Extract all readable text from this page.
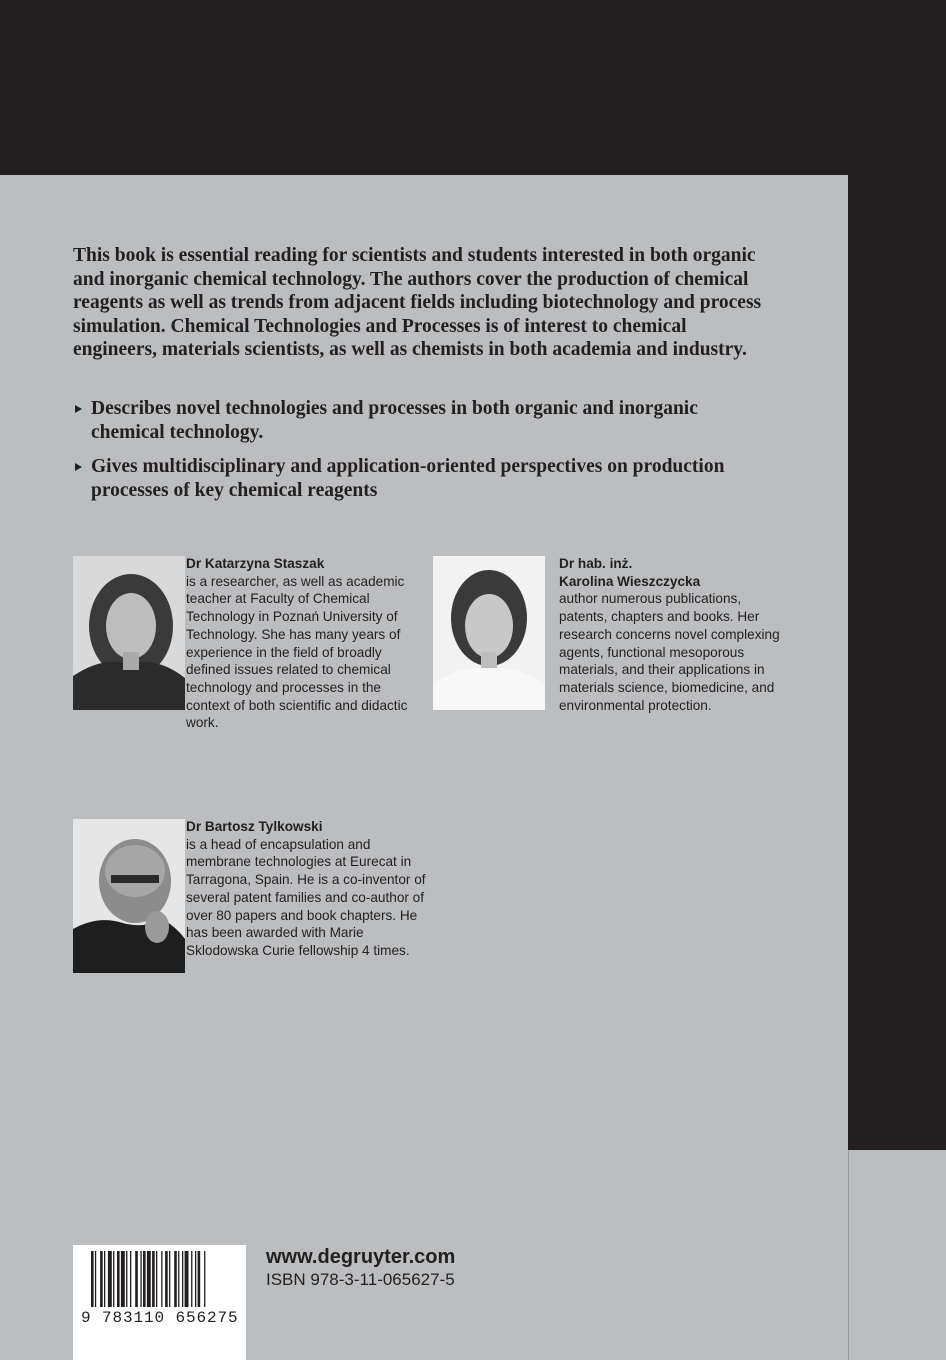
This book is essential reading for scientists and students interested in both organic and inorganic chemical technology. The authors cover the production of chemical reagents as well as trends from adjacent fields including biotechnology and process simulation. Chemical Technologies and Processes is of interest to chemical engineers, materials scientists, as well as chemists in both academia and industry.

Describes novel technologies and processes in both organic and inorganic chemical technology.
Gives multidisciplinary and application-oriented perspectives on production processes of key chemical reagents
Dr Katarzyna Staszak
is a researcher, as well as academic teacher at Faculty of Chemical Technology in Poznań University of Technology. She has many years of experience in the field of broadly defined issues related to chemical technology and processes in the context of both scientific and didactic work.
Dr hab. inż.
Karolina Wieszczycka
author numerous publications, patents, chapters and books. Her research concerns novel complexing agents, functional mesoporous materials, and their applications in materials science, biomedicine, and environmental protection.
Dr Bartosz Tylkowski
is a head of encapsulation and membrane technologies at Eurecat in Tarragona, Spain. He is a co-inventor of several patent families and co-author of over 80 papers and book chapters. He has been awarded with Marie Sklodowska Curie fellowship 4 times.
9 783110 656275
www.degruyter.com
ISBN 978-3-11-065627-5
